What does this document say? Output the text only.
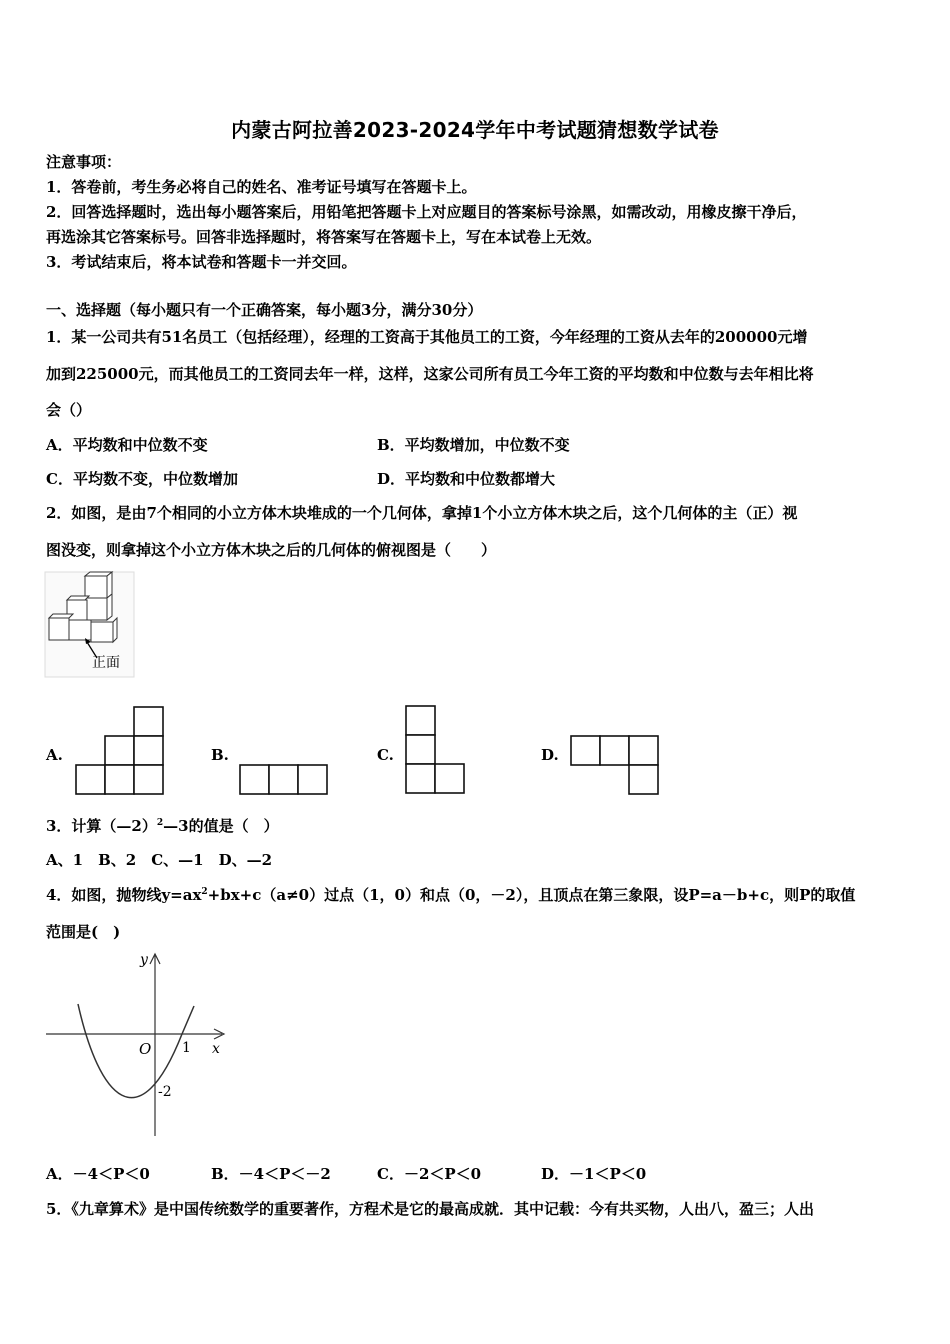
内蒙古阿拉善2023-2024学年中考试题猜想数学试卷
注意事项：
1．答卷前，考生务必将自己的姓名、准考证号填写在答题卡上。
2．回答选择题时，选出每小题答案后，用铅笔把答题卡上对应题目的答案标号涂黑，如需改动，用橡皮擦干净后，
再选涂其它答案标号。回答非选择题时，将答案写在答题卡上，写在本试卷上无效。
3．考试结束后，将本试卷和答题卡一并交回。
一、选择题（每小题只有一个正确答案，每小题3分，满分30分）
1．某一公司共有51名员工（包括经理），经理的工资高于其他员工的工资，今年经理的工资从去年的200000元增
加到225000元，而其他员工的工资同去年一样，这样，这家公司所有员工今年工资的平均数和中位数与去年相比将
会（）
A．平均数和中位数不变	B．平均数增加，中位数不变
C．平均数不变，中位数增加	D．平均数和中位数都增大
2．如图，是由7个相同的小立方体木块堆成的一个几何体，拿掉1个小立方体木块之后，这个几何体的主（正）视
图没变，则拿掉这个小立方体木块之后的几何体的俯视图是（　　）
正面
A.	B.	C.	D.
3．计算（—2）$^2$—3的值是（　）
A、1　B、2　C、—1　D、—2
4．如图，抛物线$y=ax^2+bx+c(a\ne 0)$过点（1，0）和点（0，－2），且顶点在第三象限，设P=a－b+c，则P的取值
范围是(　)
y
x
O 1
-2
A．－4＜P＜0	B．－4＜P＜－2	C．－2＜P＜0	D．－1＜P＜0
5．《九章算术》是中国传统数学的重要著作，方程术是它的最高成就．其中记载：今有共买物，人出八，盈三；人出
